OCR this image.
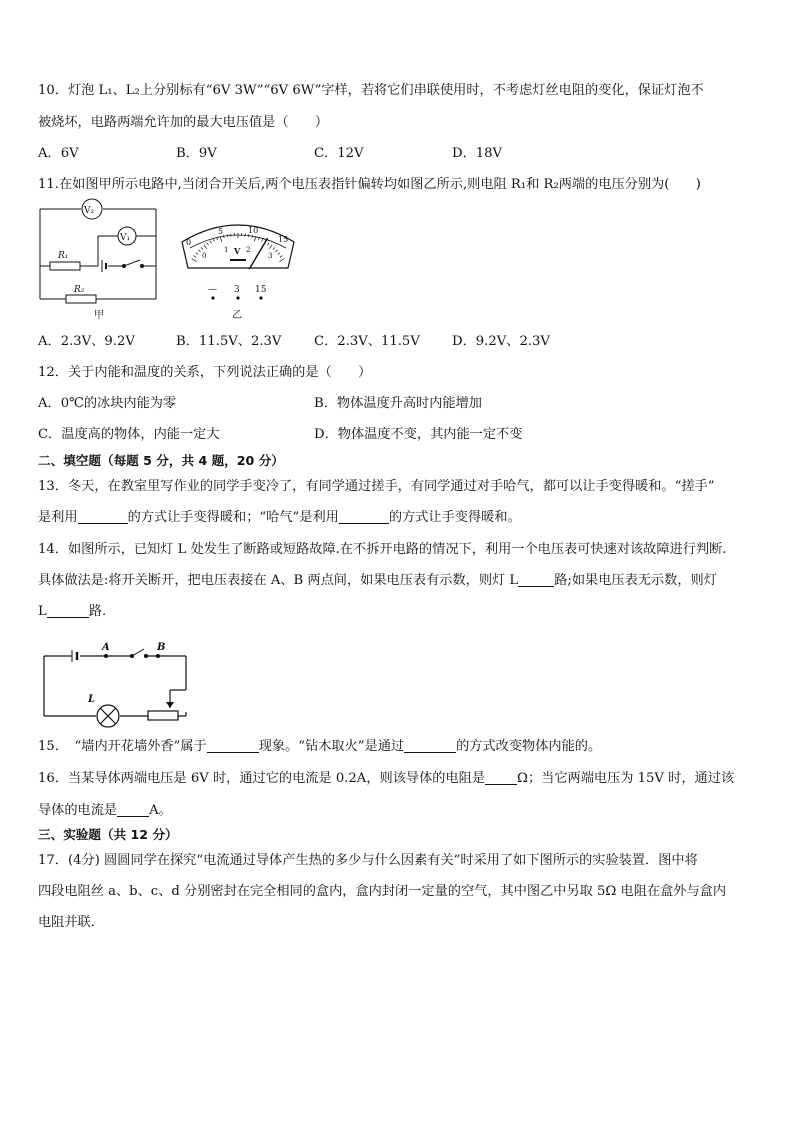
10．灯泡 L₁、L₂上分别标有“6V 3W”“6V 6W”字样，若将它们串联使用时，不考虑灯丝电阻的变化，保证灯泡不
被烧坏，电路两端允许加的最大电压值是（　　）
A．6V	B．9V	C．12V	D．18V
11.在如图甲所示电路中,当闭合开关后,两个电压表指针偏转均如图乙所示,则电阻 R₁和 R₂两端的电压分别为(　　)
V₂
V₁
R₁
R₂
甲
0
5	10
15
0
1	2
3
V
— 3 15
乙
A．2.3V、9.2V	B．11.5V、2.3V C．2.3V、11.5V D．9.2V、2.3V
12．关于内能和温度的关系，下列说法正确的是（　　）
A．0℃的冰块内能为零	B．物体温度升高时内能增加
C．温度高的物体，内能一定大	D．物体温度不变，其内能一定不变
二、填空题（每题 5 分，共 4 题，20 分）
13．冬天，在教室里写作业的同学手变冷了，有同学通过搓手，有同学通过对手哈气，都可以让手变得暖和。“搓手”
是利用	的方式让手变得暖和；“哈气”是利用	的方式让手变得暖和。
14．如图所示，已知灯 L 处发生了断路或短路故障.在不拆开电路的情况下，利用一个电压表可快速对该故障进行判断.
具体做法是:将开关断开，把电压表接在 A、B 两点间，如果电压表有示数，则灯 L	路;如果电压表无示数，则灯
L	路.
A	B
L
15．　“墙内开花墙外香”属于	现象。“钻木取火”是通过	的方式改变物体内能的。
16．当某导体两端电压是 6V 时，通过它的电流是 0.2A，则该导体的电阻是 Ω；当它两端电压为 15V 时，通过该
导体的电流是 A。
三、实验题（共 12 分）
17．(4分) 圆圆同学在探究“电流通过导体产生热的多少与什么因素有关”时采用了如下图所示的实验装置．图中将
四段电阻丝 a、b、c、d 分别密封在完全相同的盒内，盒内封闭一定量的空气，其中图乙中另取 5Ω 电阻在盒外与盒内
电阻并联．
